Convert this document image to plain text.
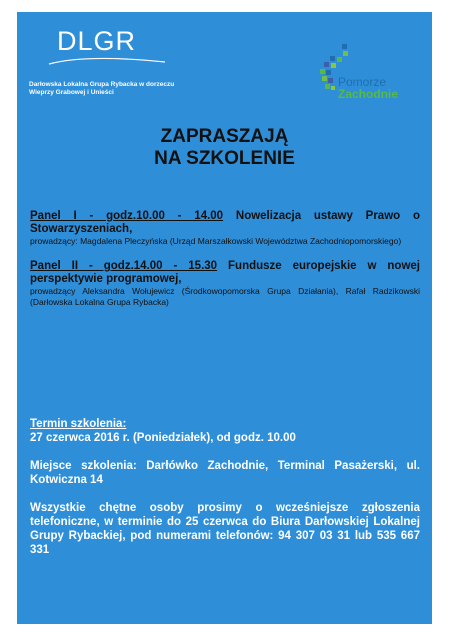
DLGR
Darłowska Lokalna Grupa Rybacka w dorzeczu Wieprzy Grabowej i Unieści
Pomorze
Zachodnie
ZAPRASZAJĄ
NA SZKOLENIE
Panel I - godz.10.00 - 14.00 Nowelizacja ustawy Prawo o Stowarzyszeniach,
prowadzący: Magdalena Pleczyńska (Urząd Marszałkowski Województwa Zachodniopomorskiego)
Panel II - godz.14.00 - 15.30 Fundusze europejskie w nowej perspektywie programowej,
prowadzący Aleksandra Wołujewicz (Środkowopomorska Grupa Działania), Rafał Radzikowski (Darłowska Lokalna Grupa Rybacka)

Termin szkolenia:
27 czerwca 2016 r. (Poniedziałek), od godz. 10.00

Miejsce szkolenia: Darłówko Zachodnie, Terminal Pasażerski, ul. Kotwiczna 14

Wszystkie chętne osoby prosimy o wcześniejsze zgłoszenia telefoniczne, w terminie do 25 czerwca do Biura Darłowskiej Lokalnej Grupy Rybackiej, pod numerami telefonów: 94 307 03 31 lub 535 667 331
